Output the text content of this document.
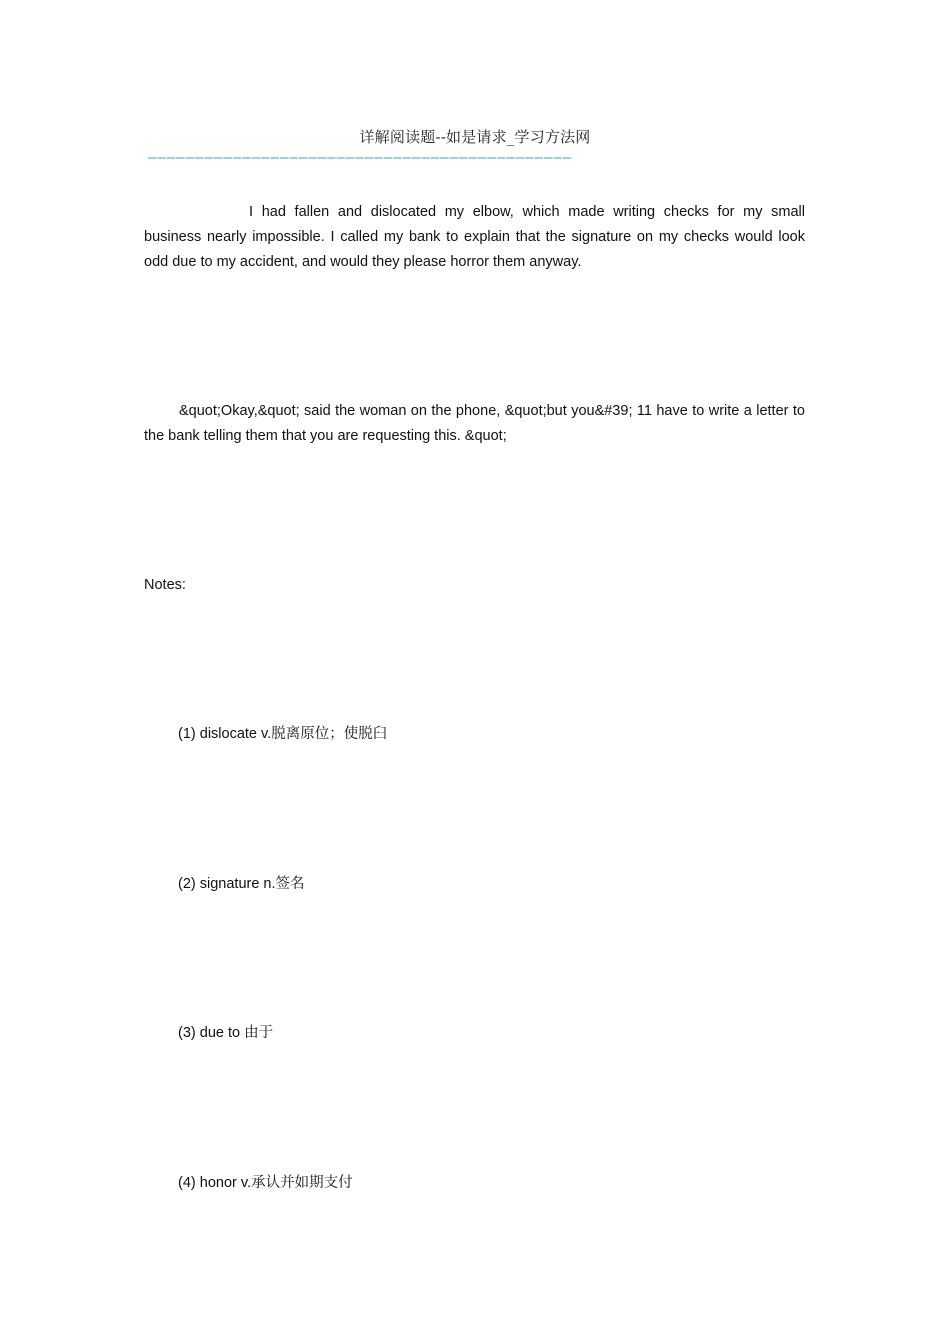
详解阅读题--如是请求_学习方法网
—————————————————————————————————————————————

I had fallen and dislocated my elbow, which made writing checks for my small business nearly impossible. I called my bank to explain that the signature on my checks would look odd due to my accident, and would they please horror them anyway.

&quot;Okay,&quot; said the woman on the phone, &quot;but you&#39; 11 have to write a letter to the bank telling them that you are requesting this. &quot;

Notes:
(1) dislocate v.脱离原位；使脱臼
(2) signature n.签名
(3) due to 由于
(4) honor v.承认并如期支付
